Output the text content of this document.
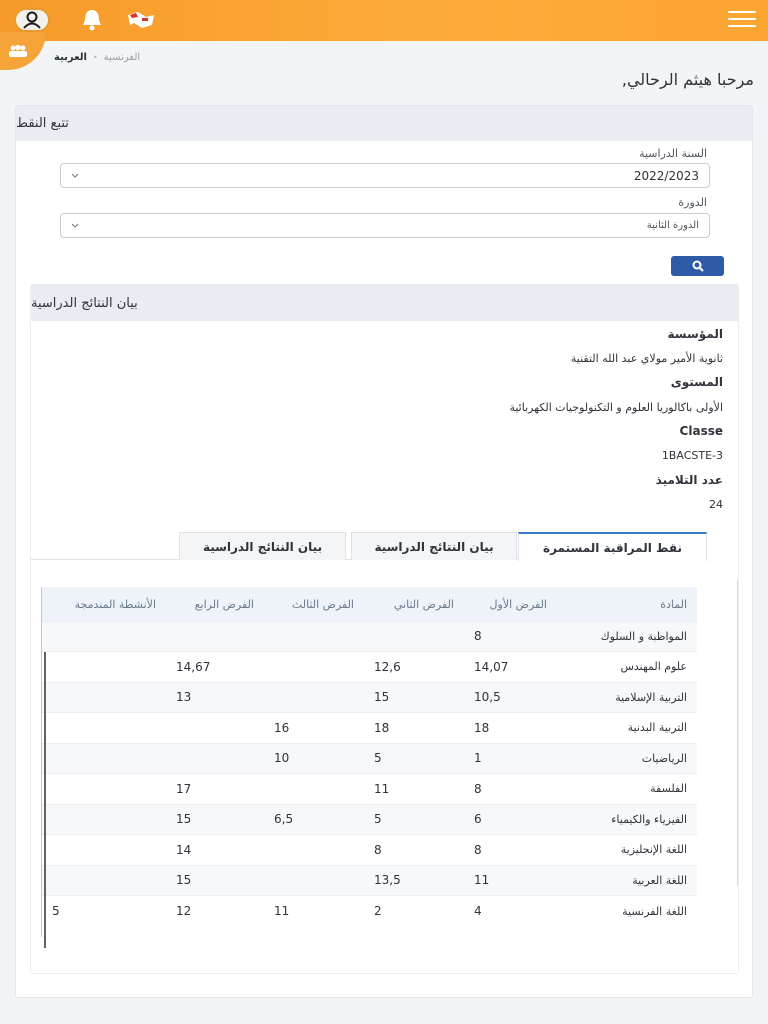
الفرنسية•العربية
مرحبا هيثم الرحالي,
تتبع النقط
السنة الدراسية
2022/2023
الدورة
الدورة الثانية
بيان النتائج الدراسية
المؤسسة
ثانوية الأمير مولاي عبد الله التقنية
المستوى
الأولى باكالوريا العلوم و التكنولوجيات الكهربائية
Classe
1BACSTE-3
عدد التلاميذ
24
نقط المراقبة المستمرة
بيان النتائج الدراسية
بيان النتائج الدراسية
المادة	الفرض الأول	الفرض الثاني	الفرض الثالث	الفرض الرابع	الأنشطة المندمجة
المواظبة و السلوك	8				
علوم المهندس	14,07	12,6		14,67	
التربية الإسلامية	10,5	15		13	
التربية البدنية	18	18	16		
الرياضيات	1	5	10		
الفلسفة	8	11		17	
الفيزياء والكيمياء	6	5	6,5	15	
اللغة الإنجليزية	8	8		14	
اللغة العربية	11	13,5		15	
اللغة الفرنسية	4	2	11	12	5
